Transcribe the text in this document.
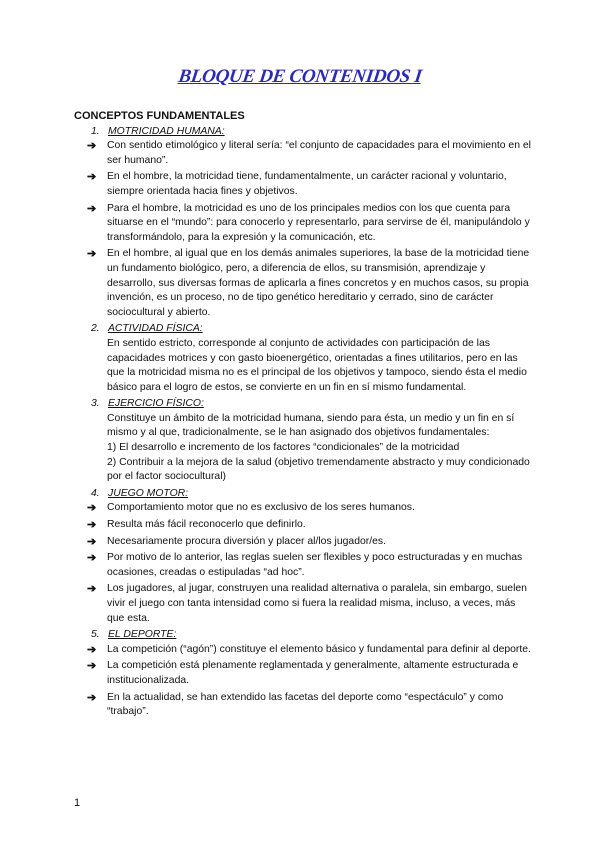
BLOQUE DE CONTENIDOS I
CONCEPTOS FUNDAMENTALES
1. MOTRICIDAD HUMANA:
➔ Con sentido etimológico y literal sería: “el conjunto de capacidades para el movimiento en el ser humano”.
➔ En el hombre, la motricidad tiene, fundamentalmente, un carácter racional y voluntario, siempre orientada hacia fines y objetivos.
➔ Para el hombre, la motricidad es uno de los principales medios con los que cuenta para situarse en el “mundo”: para conocerlo y representarlo, para servirse de él, manipulándolo y transformándolo, para la expresión y la comunicación, etc.
➔ En el hombre, al igual que en los demás animales superiores, la base de la motricidad tiene un fundamento biológico, pero, a diferencia de ellos, su transmisión, aprendizaje y desarrollo, sus diversas formas de aplicarla a fines concretos y en muchos casos, su propia invención, es un proceso, no de tipo genético hereditario y cerrado, sino de carácter sociocultural y abierto.
2. ACTIVIDAD FÍSICA:
En sentido estricto, corresponde al conjunto de actividades con participación de las capacidades motrices y con gasto bioenergético, orientadas a fines utilitarios, pero en las que la motricidad misma no es el principal de los objetivos y tampoco, siendo ésta el medio básico para el logro de estos, se convierte en un fin en sí mismo fundamental.
3. EJERCICIO FÍSICO:
Constituye un ámbito de la motricidad humana, siendo para ésta, un medio y un fin en sí mismo y al que, tradicionalmente, se le han asignado dos objetivos fundamentales:
1) El desarrollo e incremento de los factores “condicionales” de la motricidad
2) Contribuir a la mejora de la salud (objetivo tremendamente abstracto y muy condicionado por el factor sociocultural)
4. JUEGO MOTOR:
➔ Comportamiento motor que no es exclusivo de los seres humanos.
➔ Resulta más fácil reconocerlo que definirlo.
➔ Necesariamente procura diversión y placer al/los jugador/es.
➔ Por motivo de lo anterior, las reglas suelen ser flexibles y poco estructuradas y en muchas ocasiones, creadas o estipuladas “ad hoc”.
➔ Los jugadores, al jugar, construyen una realidad alternativa o paralela, sin embargo, suelen vivir el juego con tanta intensidad como si fuera la realidad misma, incluso, a veces, más que esta.
5. EL DEPORTE:
➔ La competición (“agón”) constituye el elemento básico y fundamental para definir al deporte.
➔ La competición está plenamente reglamentada y generalmente, altamente estructurada e institucionalizada.
➔ En la actualidad, se han extendido las facetas del deporte como “espectáculo” y como “trabajo”.
1
